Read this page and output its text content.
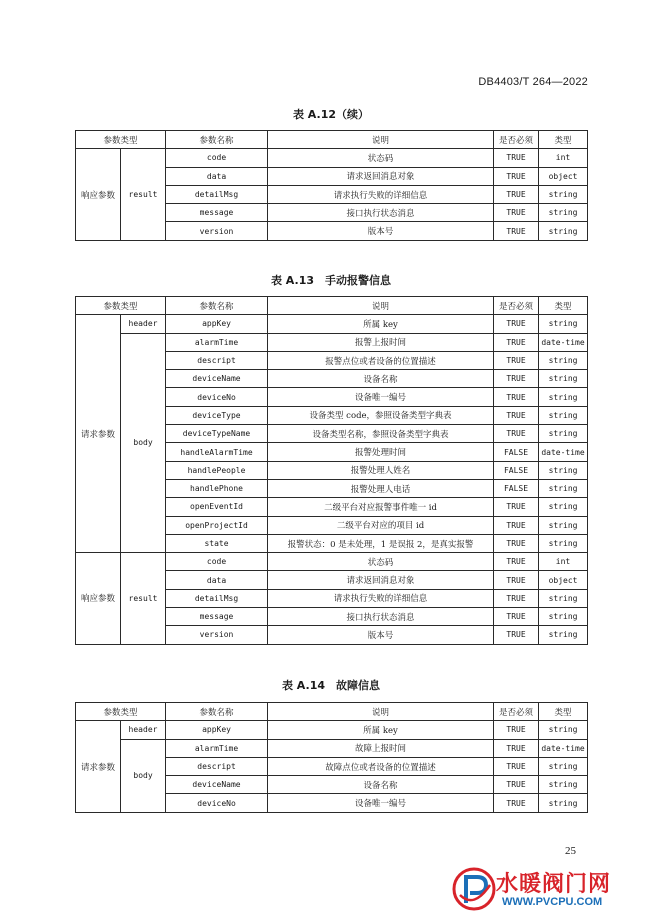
DB4403/T 264—2022
表 A.12（续）
参数类型		参数名称	说明	是否必须	类型
响应参数	result	code	状态码	TRUE	int
		data	请求返回消息对象	TRUE	object
		detailMsg	请求执行失败的详细信息	TRUE	string
		message	接口执行状态消息	TRUE	string
		version	版本号	TRUE	string
表 A.13　手动报警信息
参数类型		参数名称	说明	是否必须	类型
请求参数	header	appKey	所属 key	TRUE	string
	body	alarmTime	报警上报时间	TRUE	date-time
		descript	报警点位或者设备的位置描述	TRUE	string
		deviceName	设备名称	TRUE	string
		deviceNo	设备唯一编号	TRUE	string
		deviceType	设备类型 code，参照设备类型字典表	TRUE	string
		deviceTypeName	设备类型名称，参照设备类型字典表	TRUE	string
		handleAlarmTime	报警处理时间	FALSE	date-time
		handlePeople	报警处理人姓名	FALSE	string
		handlePhone	报警处理人电话	FALSE	string
		openEventId	二级平台对应报警事件唯一 id	TRUE	string
		openProjectId	二级平台对应的项目 id	TRUE	string
		state	报警状态：0 是未处理，1 是误报 2，是真实报警	TRUE	string
响应参数	result	code	状态码	TRUE	int
		data	请求返回消息对象	TRUE	object
		detailMsg	请求执行失败的详细信息	TRUE	string
		message	接口执行状态消息	TRUE	string
		version	版本号	TRUE	string
表 A.14　故障信息
参数类型		参数名称	说明	是否必须	类型
请求参数	header	appKey	所属 key	TRUE	string
	body	alarmTime	故障上报时间	TRUE	date-time
		descript	故障点位或者设备的位置描述	TRUE	string
		deviceName	设备名称	TRUE	string
		deviceNo	设备唯一编号	TRUE	string
25
水暖阀门网
WWW.PVCPU.COM
